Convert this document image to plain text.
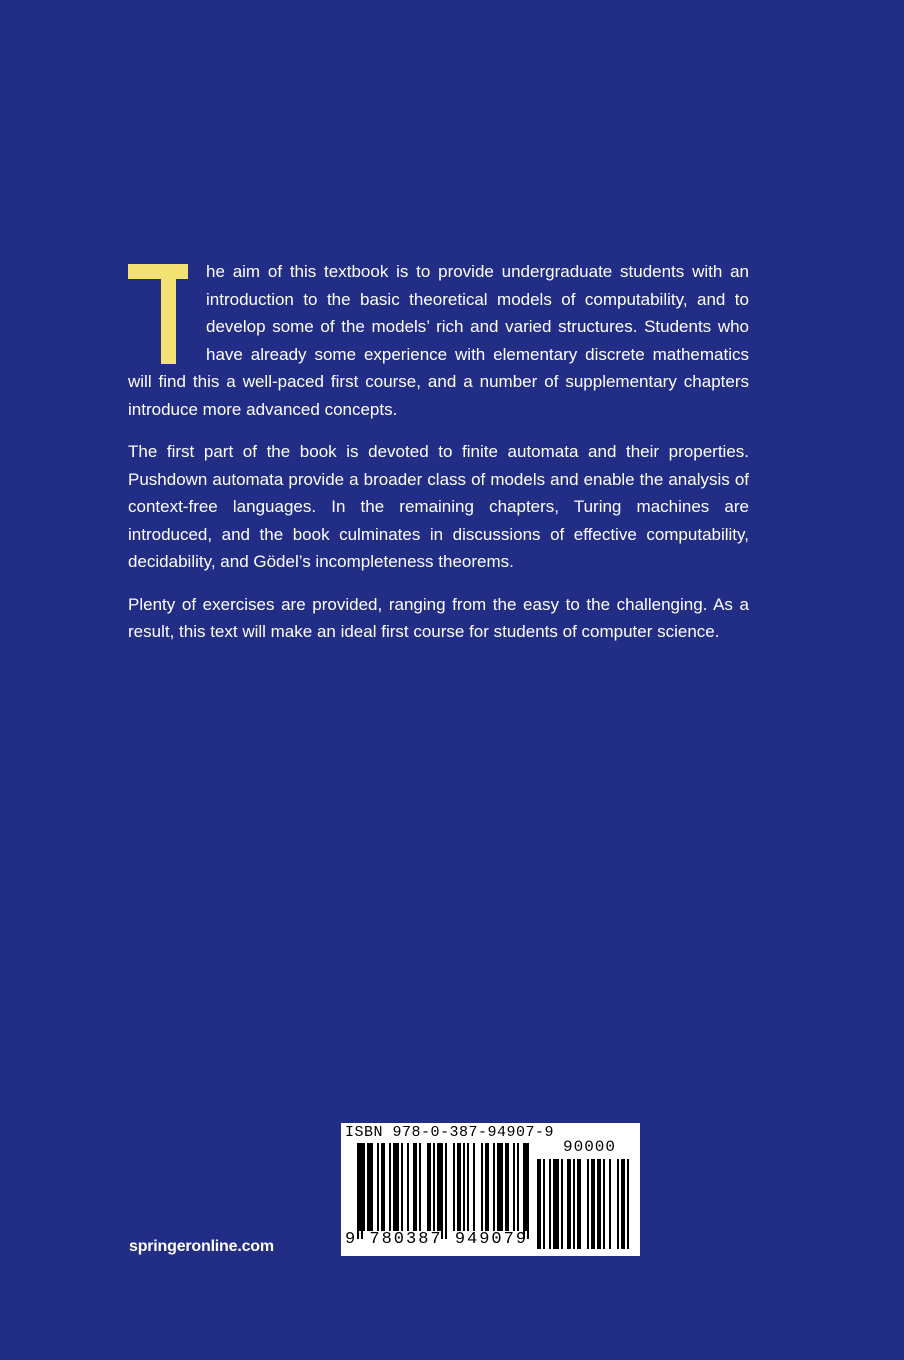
he aim of this textbook is to provide undergraduate students with an introduction to the basic theoretical models of computability, and to develop some of the models’ rich and varied structures. Students who have already some experience with elementary discrete mathematics will find this a well-paced first course, and a number of supplementary chapters introduce more advanced concepts.

The first part of the book is devoted to finite automata and their properties. Pushdown automata provide a broader class of models and enable the analysis of context-free languages. In the remaining chapters, Turing machines are introduced, and the book culminates in discussions of effective computability, decidability, and Gödel’s incompleteness theorems.

Plenty of exercises are provided, ranging from the easy to the challenging. As a result, this text will make an ideal first course for students of computer science.

springeronline.com
ISBN 978-0-387-94907-9
90000
9 780387 949079
